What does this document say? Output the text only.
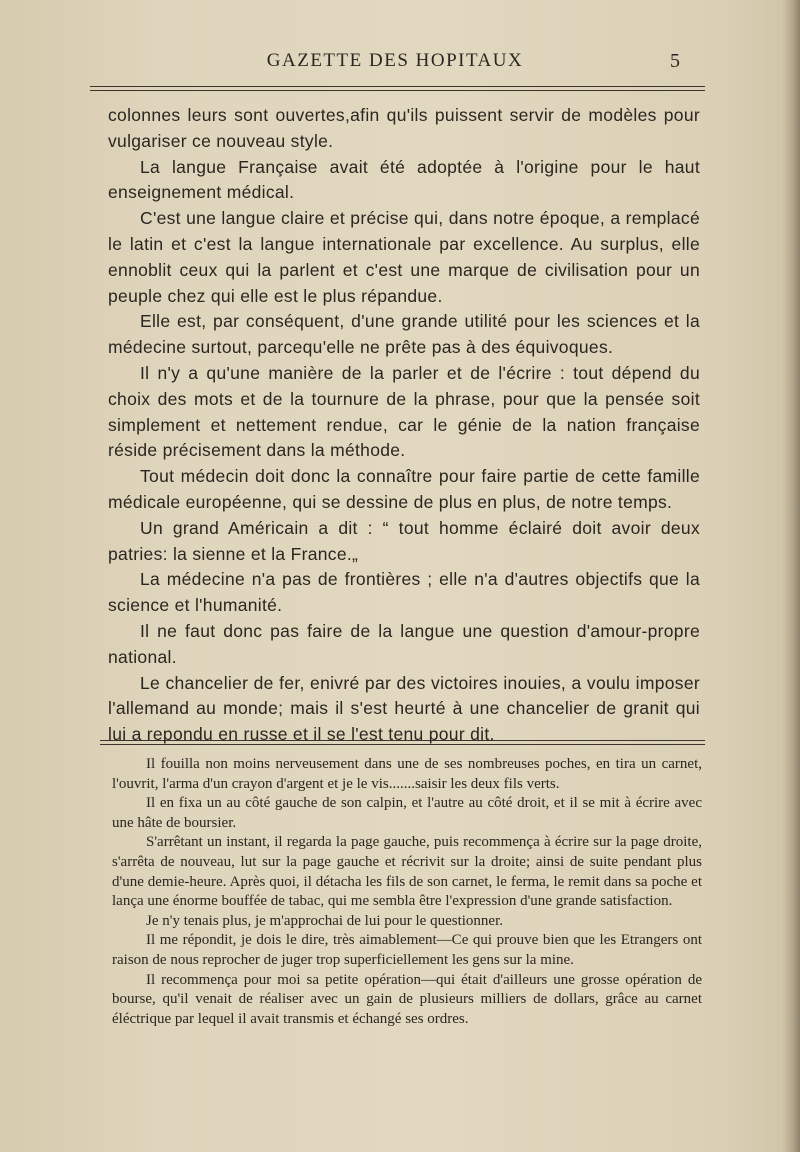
GAZETTE DES HOPITAUX	5

colonnes leurs sont ouvertes,afin qu'ils puissent servir de modèles pour vulgariser ce nouveau style.

La langue Française avait été adoptée à l'origine pour le haut enseignement médical.

C'est une langue claire et précise qui, dans notre époque, a remplacé le latin et c'est la langue internationale par excellence. Au surplus, elle ennoblit ceux qui la parlent et c'est une marque de civilisation pour un peuple chez qui elle est le plus répandue.

Elle est, par conséquent, d'une grande utilité pour les sciences et la médecine surtout, parcequ'elle ne prête pas à des équivoques.

Il n'y a qu'une manière de la parler et de l'écrire : tout dépend du choix des mots et de la tournure de la phrase, pour que la pensée soit simplement et nettement rendue, car le génie de la nation française réside précisement dans la méthode.

Tout médecin doit donc la connaître pour faire partie de cette famille médicale européenne, qui se dessine de plus en plus, de notre temps.

Un grand Américain a dit : “ tout homme éclairé doit avoir deux patries: la sienne et la France.„

La médecine n'a pas de frontières ; elle n'a d'autres objectifs que la science et l'humanité.

Il ne faut donc pas faire de la langue une question d'amour-propre national.

Le chancelier de fer, enivré par des victoires inouies, a voulu imposer l'allemand au monde; mais il s'est heurté à une chancelier de granit qui lui a repondu en russe et il se l'est tenu pour dit.

Il fouilla non moins nerveusement dans une de ses nombreuses poches, en tira un carnet, l'ouvrit, l'arma d'un crayon d'argent et je le vis.......saisir les deux fils verts.

Il en fixa un au côté gauche de son calpin, et l'autre au côté droit, et il se mit à écrire avec une hâte de boursier.

S'arrêtant un instant, il regarda la page gauche, puis recommença à écrire sur la page droite, s'arrêta de nouveau, lut sur la page gauche et récrivit sur la droite; ainsi de suite pendant plus d'une demie-heure. Après quoi, il détacha les fils de son carnet, le ferma, le remit dans sa poche et lança une énorme bouffée de tabac, qui me sembla être l'expression d'une grande satisfaction.

Je n'y tenais plus, je m'approchai de lui pour le questionner.

Il me répondit, je dois le dire, très aimablement—Ce qui prouve bien que les Etrangers ont raison de nous reprocher de juger trop superficiellement les gens sur la mine.

Il recommença pour moi sa petite opération—qui était d'ailleurs une grosse opération de bourse, qu'il venait de réaliser avec un gain de plusieurs milliers de dollars, grâce au carnet éléctrique par lequel il avait transmis et échangé ses ordres.
